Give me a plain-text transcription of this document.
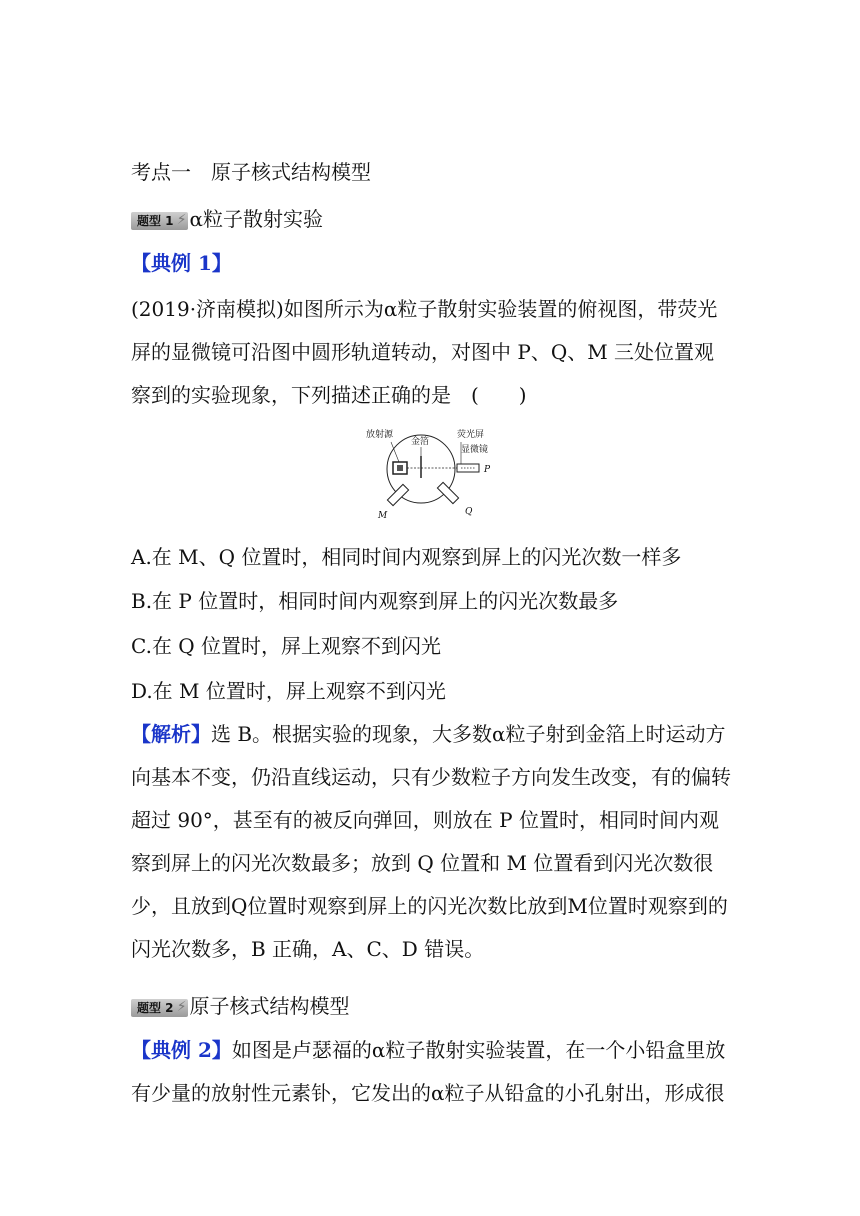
考点一　原子核式结构模型
题型 1 ⚡ α粒子散射实验
【典例 1】
(2019·济南模拟)如图所示为α粒子散射实验装置的俯视图，带荧光屏的显微镜可沿图中圆形轨道转动，对图中 P、Q、M 三处位置观察到的实验现象，下列描述正确的是　(　　)
放射源
金箔
荧光屏
显微镜
P
M	Q
A.在 M、Q 位置时，相同时间内观察到屏上的闪光次数一样多
B.在 P 位置时，相同时间内观察到屏上的闪光次数最多
C.在 Q 位置时，屏上观察不到闪光
D.在 M 位置时，屏上观察不到闪光
【解析】选 B。根据实验的现象，大多数α粒子射到金箔上时运动方向基本不变，仍沿直线运动，只有少数粒子方向发生改变，有的偏转超过 90°，甚至有的被反向弹回，则放在 P 位置时，相同时间内观察到屏上的闪光次数最多；放到 Q 位置和 M 位置看到闪光次数很少，且放到Q位置时观察到屏上的闪光次数比放到M位置时观察到的闪光次数多，B 正确，A、C、D 错误。
题型 2 ⚡ 原子核式结构模型
【典例 2】如图是卢瑟福的α粒子散射实验装置，在一个小铅盒里放有少量的放射性元素钋，它发出的α粒子从铅盒的小孔射出，形成很
